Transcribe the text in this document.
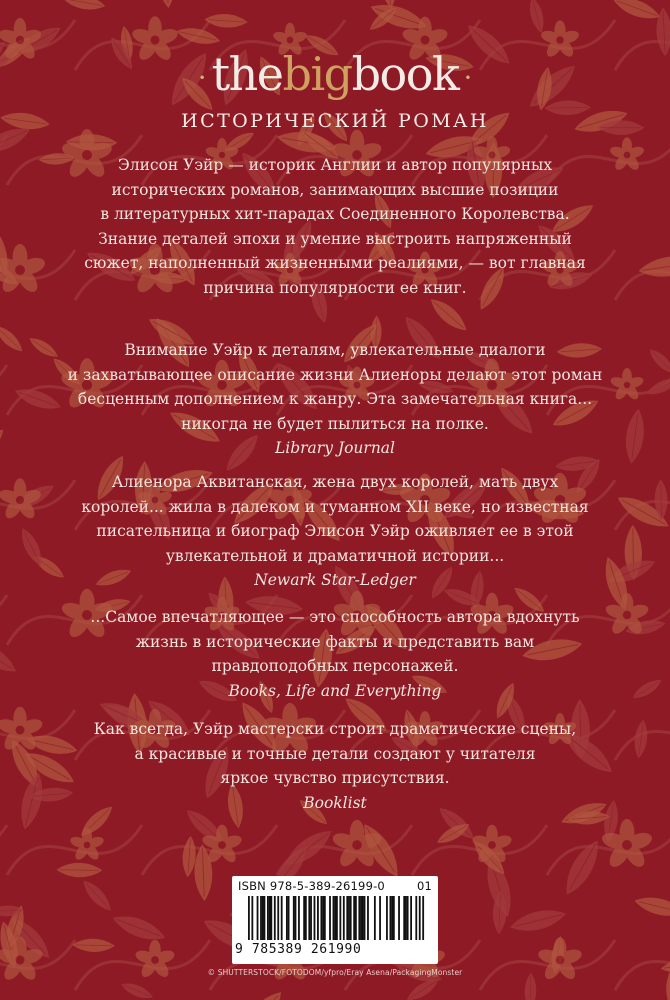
• thebigbook •
ИСТОРИЧЕСКИЙ РОМАН

Элисон Уэйр — историк Англии и автор популярных

исторических романов, занимающих высшие позиции

в литературных хит-парадах Соединенного Королевства.

Знание деталей эпохи и умение выстроить напряженный

сюжет, наполненный жизненными реалиями, — вот главная

причина популярности ее книг.

Внимание Уэйр к деталям, увлекательные диалоги

и захватывающее описание жизни Алиеноры делают этот роман

бесценным дополнением к жанру. Эта замечательная книга...

никогда не будет пылиться на полке.

Library Journal

Алиенора Аквитанская, жена двух королей, мать двух

королей... жила в далеком и туманном XII веке, но известная

писательница и биограф Элисон Уэйр оживляет ее в этой

увлекательной и драматичной истории...

Newark Star-Ledger

...Самое впечатляющее — это способность автора вдохнуть

жизнь в исторические факты и представить вам

правдоподобных персонажей.

Books, Life and Everything

Как всегда, Уэйр мастерски строит драматические сцены,

а красивые и точные детали создают у читателя

яркое чувство присутствия.

Booklist

ISBN 978-5-389-26199-0	01
9 785389 261990
© SHUTTERSTOCK/FOTODOM/yfpro/Eray Asena/PackagingMonster
